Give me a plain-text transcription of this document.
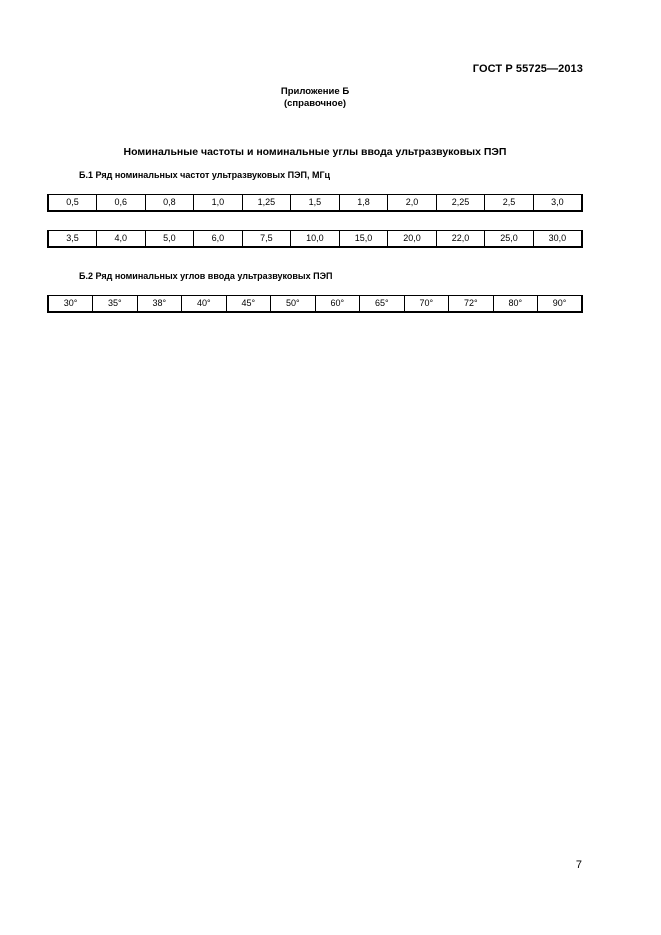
ГОСТ Р 55725—2013
Приложение Б
(справочное)
Номинальные частоты и номинальные углы ввода ультразвуковых ПЭП
Б.1 Ряд номинальных частот ультразвуковых ПЭП, МГц
0,5	0,6	0,8	1,0	1,25	1,5	1,8	2,0	2,25	2,5	3,0
3,5	4,0	5,0	6,0	7,5	10,0	15,0	20,0	22,0	25,0	30,0
Б.2 Ряд номинальных углов ввода ультразвуковых ПЭП
30°	35°	38°	40°	45°	50°	60°	65°	70°	72°	80°	90°
7
